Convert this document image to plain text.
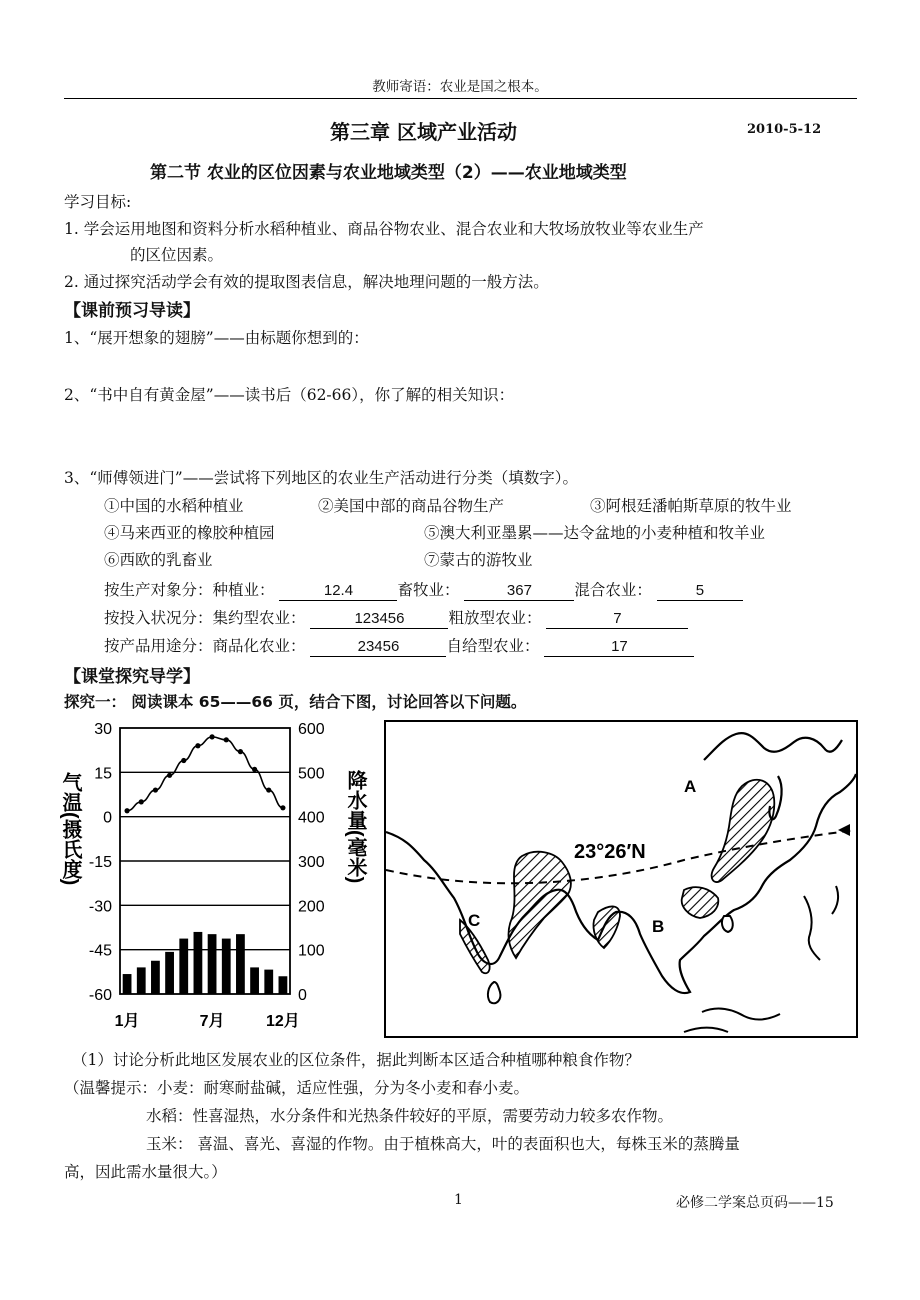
教师寄语：农业是国之根本。
第三章 区域产业活动	2010-5-12
第二节 农业的区位因素与农业地域类型（2）——农业地域类型
学习目标:
1. 学会运用地图和资料分析水稻种植业、商品谷物农业、混合农业和大牧场放牧业等农业生产
的区位因素。
2. 通过探究活动学会有效的提取图表信息，解决地理问题的一般方法。
【课前预习导读】
1、“展开想象的翅膀”——由标题你想到的：
2、“书中自有黄金屋”——读书后（62-66），你了解的相关知识：
3、“师傅领进门”——尝试将下列地区的农业生产活动进行分类（填数字）。
①中国的水稻种植业	②美国中部的商品谷物生产	③阿根廷潘帕斯草原的牧牛业
④马来西亚的橡胶种植园	⑤澳大利亚墨累——达令盆地的小麦种植和牧羊业
⑥西欧的乳畜业	⑦蒙古的游牧业
按生产对象分：种植业：	12.4	畜牧业：	367	混合农业：	5
按投入状况分：集约型农业：	123456	粗放型农业：	7
按产品用途分：商品化农业：	23456	自给型农业：	17
【课堂探究导学】
探究一： 阅读课本 65——66 页，结合下图，讨论回答以下问题。
30	600
15	500
0	400
-15	300
-30	200
-45	100
-60	0
1月	7月	12月
气温(摄氏度)	降水量(毫米)	A
B
C
23°26′N
（1）讨论分析此地区发展农业的区位条件，据此判断本区适合种植哪种粮食作物？
（温馨提示：小麦：耐寒耐盐碱，适应性强，分为冬小麦和春小麦。
水稻：性喜湿热，水分条件和光热条件较好的平原，需要劳动力较多农作物。
玉米： 喜温、喜光、喜湿的作物。由于植株高大，叶的表面积也大，每株玉米的蒸腾量
高，因此需水量很大。）
1	必修二学案总页码——15
